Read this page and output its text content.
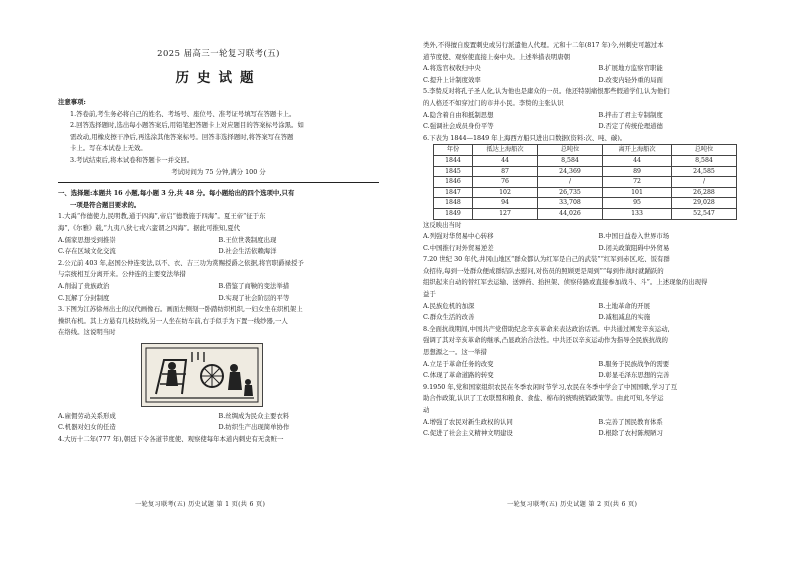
2025 届高三一轮复习联考(五)
历史试题

注意事项:

1.答卷前,考生务必将自己的姓名、考场号、座位号、准考证号填写在答题卡上。

2.回答选择题时,选出每小题答案后,用铅笔把答题卡上对应题目的答案标号涂黑。如

需改动,用橡皮擦干净后,再选涂其他答案标号。回答非选择题时,将答案写在答题

卡上。写在本试卷上无效。

3.考试结束后,将本试卷和答题卡一并交回。

考试时间为 75 分钟,满分 100 分

一、选择题:本题共 16 小题,每小题 3 分,共 48 分。每小题给出的四个选项中,只有

一项是符合题目要求的。

1.大禹“作德使力,民明教,通于四海”,帝启“德教施于四海”。夏王帝“征于东

海”,《尔雅》载,“九夷八狄七戎六蛮谓之四海”。据此可推知,夏代

A.儒家思想受到推崇	B.王位世袭制度出现
C.存在区域文化交流	D.社会生活依赖海洋

2.公元前 403 年,赵国公仲连变法,以不、衣、吉三功为赏赐授爵之依据,将官职爵禄授予

与宗统相互分离开来。公仲连的主要变法举措

A.削弱了贵族政治	B.借鉴了商鞅的变法举措
C.瓦解了分封制度	D.实现了社会阶层的平等

3.下图为江苏徐州出土的汉代画像石。画面左侧刻一卧踏纺织机织,一妇女坐在织机架上

操织布机。其上方悬有几枝纺线,另一人坐在纺车前,右手似手为下置一线纱器,一人

在络线。这说明当时

A.雇佣劳动关系形成	B.丝绸成为民众主要衣料
C.机器对妇女的任造	D.纺织生产出现简单协作

4.大历十二年(777 年),朝廷下令各道节度使、观察使每年本道内刺史有无贪赃一

一轮复习联考(五) 历史试题 第 1 页(共 6 页)

类外,不得擅自废置刺史或另行派遣他人代理。元和十二年(817 年)今,州刺史可越过本

道节度使、观察使直接上奏中央。上述举措表明唐朝

A.将选官权收归中央	B.扩展地方监察官职能
C.提升上计制度效率	D.改变内轻外重的局面

5.李贽反对将孔子圣人化,认为他也是庸众的一员。他还特别痛恨那些假道学们,认为他们

的人格还不如穿过门的市井小民。李贽的主张认识

A.隐含着自由和抵制思想	B.拌击了君主专制制度
C.强调社会成员身份平等	D.否定了传统伦理道德

6.下表为 1844—1849 年上海西方船只进出口数据(资料:次、吨、碳)。

年份	抵达上海船次	总吨位	离开上海船次	总吨位
1844	44	8,584	44	8,584
1845	87	24,369	89	24,585
1846	76	/	72	/
1847	102	26,735	101	26,288
1848	94	33,708	95	29,028
1849	127	44,026	133	52,547

这反映出当时

A.列强对华贸易中心转移	B.中国日益卷入世界市场
C.中国推行对外贸易逆差	D.闭关政策阻碍中外贸易

7.20 世纪 30 年代,井冈山地区“群众都认为红军是自己的武装”“红军到赤区,吃、饭有群

众招待,每到一处群众便成群结队去慰问,对伤员的照顾更是周到”“每到作战时就踊跃的

组织起来自动的替红军去运输、送弹药、抬担架、侦察侍路或直接参加战斗、斗”。上述现象的出现得

益于

A.民族危机的加深	B.土地革命的开展
C.群众生活的改善	D.减租减息的实施

8.全面抗战期间,中国共产党借助纪念辛亥革命来表达政治话语。中共通过阐发辛亥运动,

强调了其对辛亥革命的继承,凸显政治合法性。中共还以辛亥运动作为指导全民族抗战的

思想源之一。这一举措

A.立足于革命任务的改变	B.服务于民族战争的需要
C.体现了革命道路的转变	D.彰显毛泽东思想的完善

9.1950 年,党和国家组织农民在冬季农闲时节学习,农民在冬季中学会了中国国歌,学习了互

助合作政策,认识了工农联盟和粮食、食盐、棉布的统购统销政策等。由此可知,冬学运

动

A.增强了农民对新生政权的认同	B.完善了国民教育体系
C.促进了社会主义精神文明建设	D.根除了农村陈规陋习
一轮复习联考(五) 历史试题 第 2 页(共 6 页)
